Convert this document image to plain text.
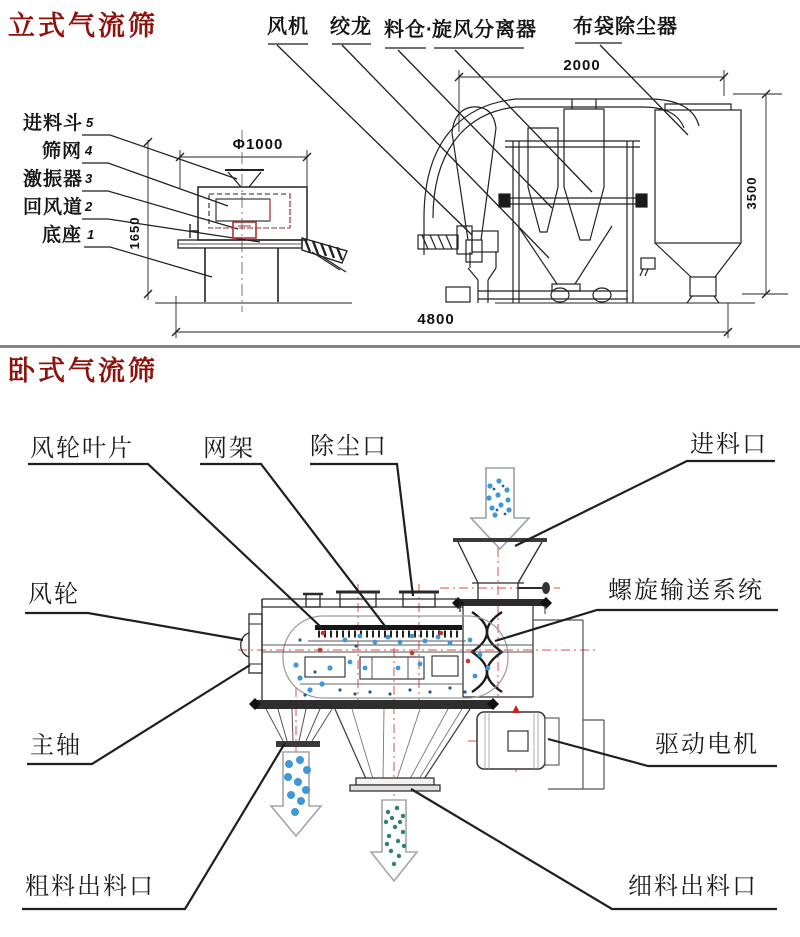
立式气流筛	风机 绞龙 料仓 ·
旋风分离器 布袋除尘器
进料斗 5
筛网 4
激振器 3
回风道 2
底座 1
Φ1000
2000
3500
1650
4800
卧式气流筛
风轮叶片	网架 除尘口	进料口
风轮	螺旋输送系统
主轴	驱动电机
粗料出料口	细料出料口
